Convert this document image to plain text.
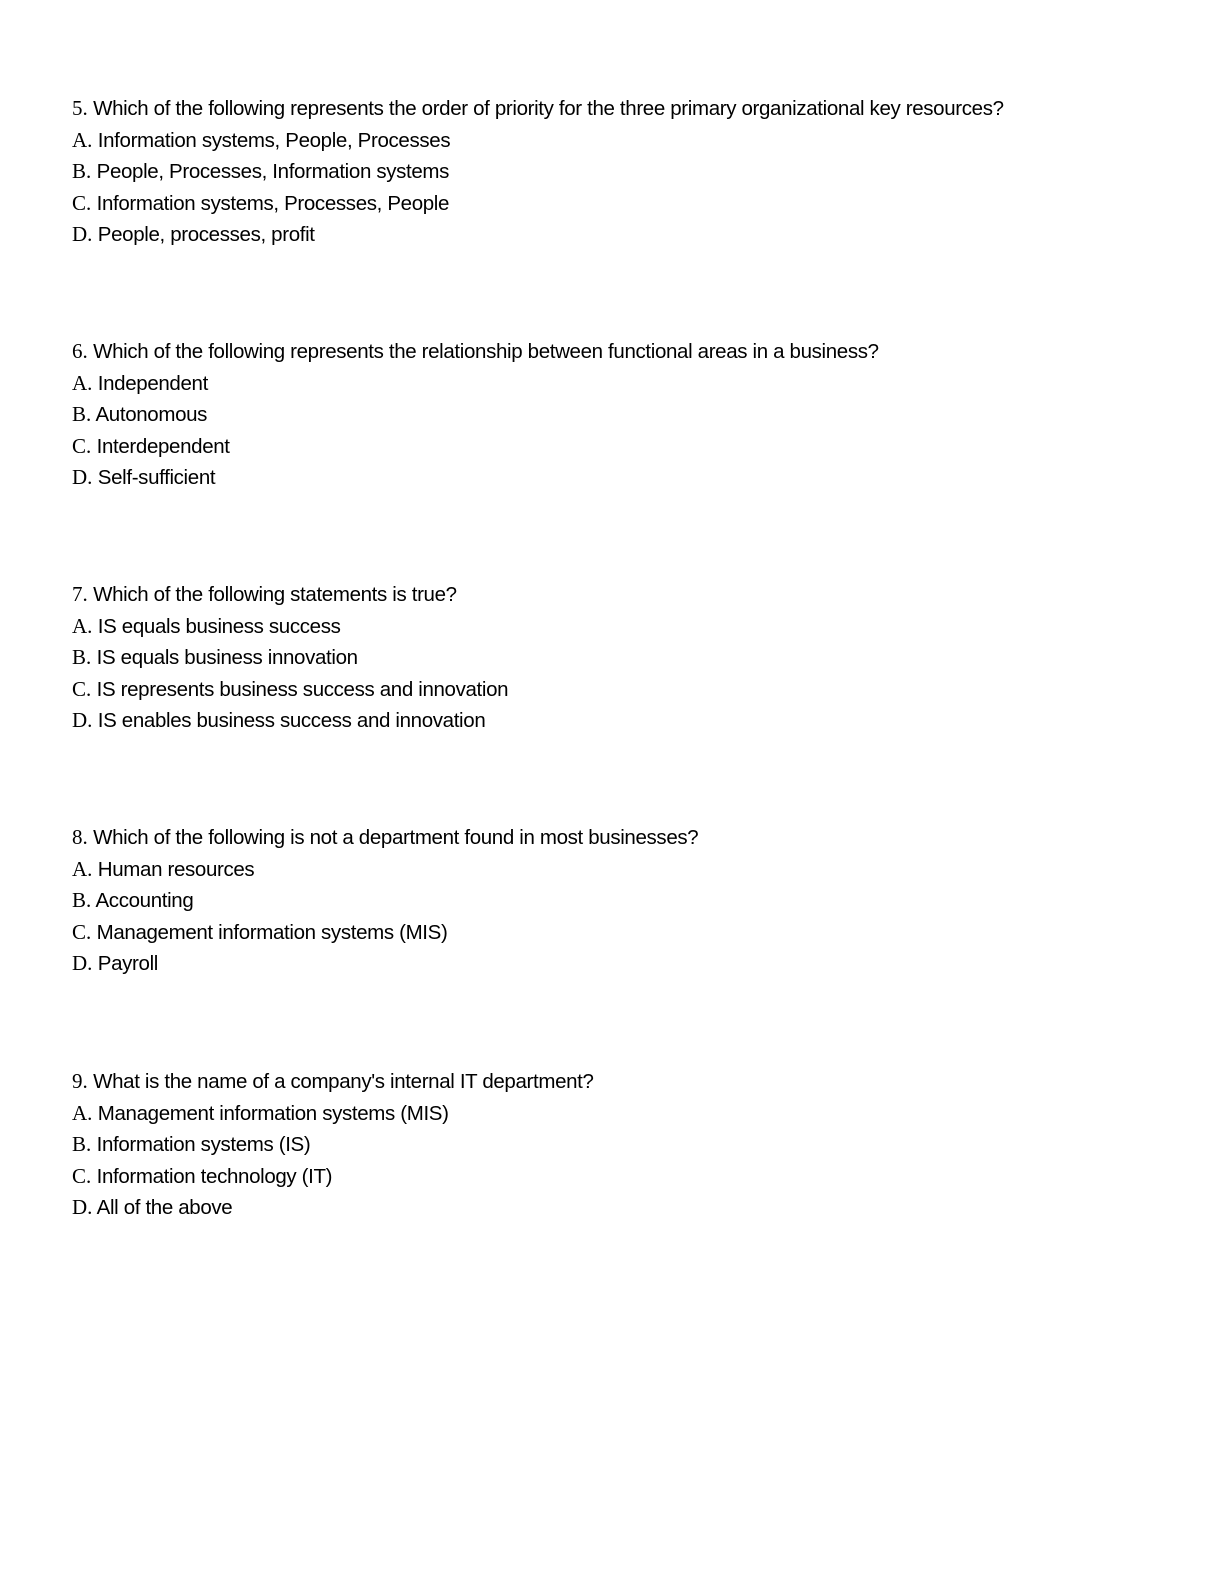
5. Which of the following represents the order of priority for the three primary organizational key resources?
A. Information systems, People, Processes
B. People, Processes, Information systems
C. Information systems, Processes, People
D. People, processes, profit
6. Which of the following represents the relationship between functional areas in a business?
A. Independent
B. Autonomous
C. Interdependent
D. Self-sufficient
7. Which of the following statements is true?
A. IS equals business success
B. IS equals business innovation
C. IS represents business success and innovation
D. IS enables business success and innovation
8. Which of the following is not a department found in most businesses?
A. Human resources
B. Accounting
C. Management information systems (MIS)
D. Payroll
9. What is the name of a company's internal IT department?
A. Management information systems (MIS)
B. Information systems (IS)
C. Information technology (IT)
D. All of the above
